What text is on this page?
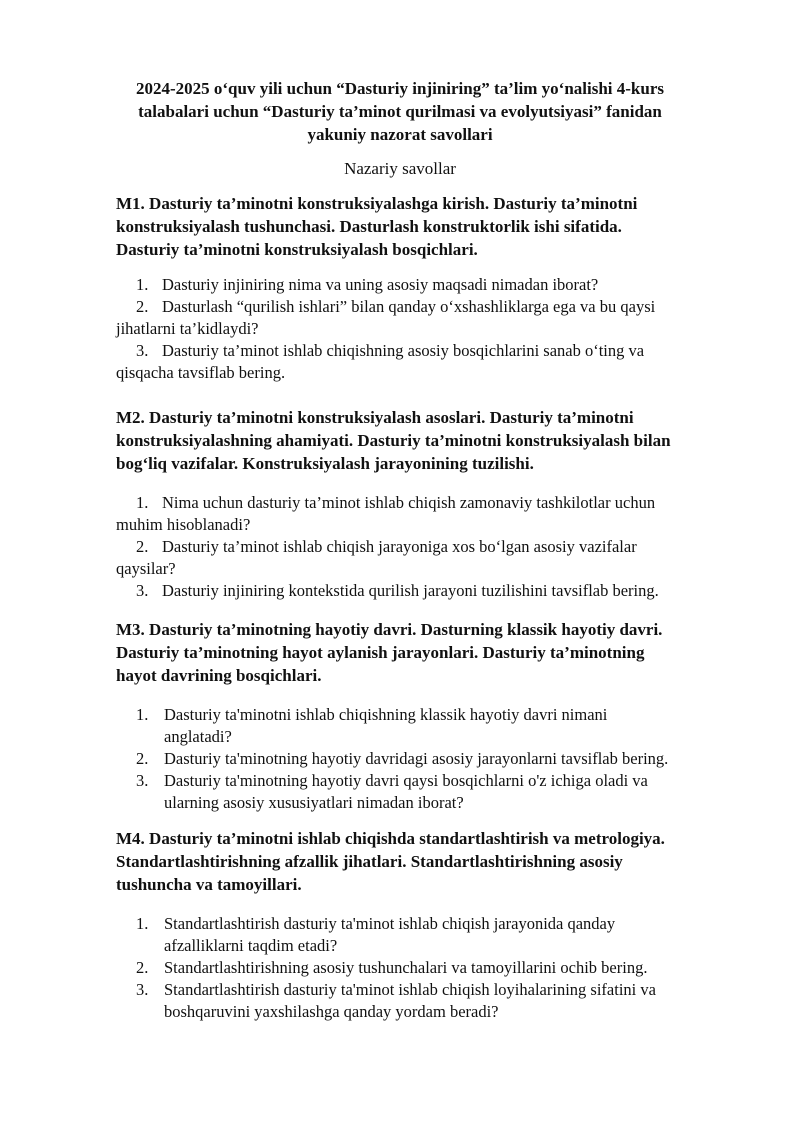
2024-2025 o‘quv yili uchun “Dasturiy injiniring” ta’lim yo‘nalishi 4-kurs
talabalari uchun “Dasturiy ta’minot qurilmasi va evolyutsiyasi” fanidan
yakuniy nazorat savollari
Nazariy savollar

M1. Dasturiy ta’minotni konstruksiyalashga kirish. Dasturiy ta’minotni
konstruksiyalash tushunchasi. Dasturlash konstruktorlik ishi sifatida.
Dasturiy ta’minotni konstruksiyalash bosqichlari.

1. Dasturiy injiniring nima va uning asosiy maqsadi nimadan iborat?
2. Dasturlash “qurilish ishlari” bilan qanday o‘xshashliklarga ega va bu qaysi
jihatlarni ta’kidlaydi?
3. Dasturiy ta’minot ishlab chiqishning asosiy bosqichlarini sanab o‘ting va
qisqacha tavsiflab bering.

M2. Dasturiy ta’minotni konstruksiyalash asoslari. Dasturiy ta’minotni
konstruksiyalashning ahamiyati. Dasturiy ta’minotni konstruksiyalash bilan
bog‘liq vazifalar. Konstruksiyalash jarayonining tuzilishi.

1. Nima uchun dasturiy ta’minot ishlab chiqish zamonaviy tashkilotlar uchun
muhim hisoblanadi?
2. Dasturiy ta’minot ishlab chiqish jarayoniga xos bo‘lgan asosiy vazifalar
qaysilar?
3. Dasturiy injiniring kontekstida qurilish jarayoni tuzilishini tavsiflab bering.

M3. Dasturiy ta’minotning hayotiy davri. Dasturning klassik hayotiy davri.
Dasturiy ta’minotning hayot aylanish jarayonlari. Dasturiy ta’minotning
hayot davrining bosqichlari.

1. Dasturiy ta'minotni ishlab chiqishning klassik hayotiy davri nimani
anglatadi?
2. Dasturiy ta'minotning hayotiy davridagi asosiy jarayonlarni tavsiflab bering.
3. Dasturiy ta'minotning hayotiy davri qaysi bosqichlarni o'z ichiga oladi va
ularning asosiy xususiyatlari nimadan iborat?

M4. Dasturiy ta’minotni ishlab chiqishda standartlashtirish va metrologiya.
Standartlashtirishning afzallik jihatlari. Standartlashtirishning asosiy
tushuncha va tamoyillari.

1. Standartlashtirish dasturiy ta'minot ishlab chiqish jarayonida qanday
afzalliklarni taqdim etadi?
2. Standartlashtirishning asosiy tushunchalari va tamoyillarini ochib bering.
3. Standartlashtirish dasturiy ta'minot ishlab chiqish loyihalarining sifatini va
boshqaruvini yaxshilashga qanday yordam beradi?
